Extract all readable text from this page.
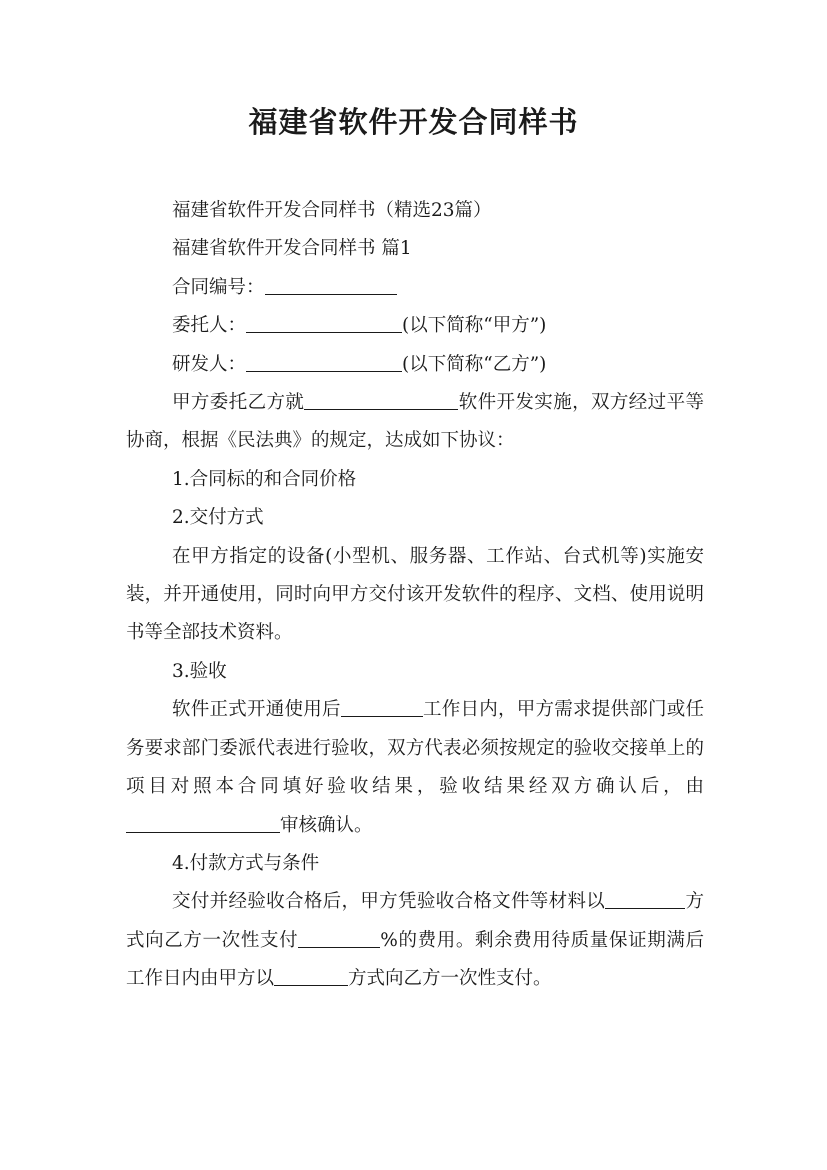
福建省软件开发合同样书

福建省软件开发合同样书（精选23篇）

福建省软件开发合同样书 篇1

合同编号：

委托人：	(以下简称“甲方”)

研发人：	(以下简称“乙方”)

甲方委托乙方就	软件开发实施，双方经过平等协商，根据《民法典》的规定，达成如下协议：

1.合同标的和合同价格

2.交付方式

在甲方指定的设备(小型机、服务器、工作站、台式机等)实施安装，并开通使用，同时向甲方交付该开发软件的程序、文档、使用说明书等全部技术资料。

3.验收

软件正式开通使用后	工作日内，甲方需求提供部门或任务要求部门委派代表进行验收，双方代表必须按规定的验收交接单上的项目对照本合同填好验收结果，验收结果经双方确认后，由审核确认。

4.付款方式与条件

交付并经验收合格后，甲方凭验收合格文件等材料以	方式向乙方一次性支付	%的费用。剩余费用待质量保证期满后工作日内由甲方以	方式向乙方一次性支付。
